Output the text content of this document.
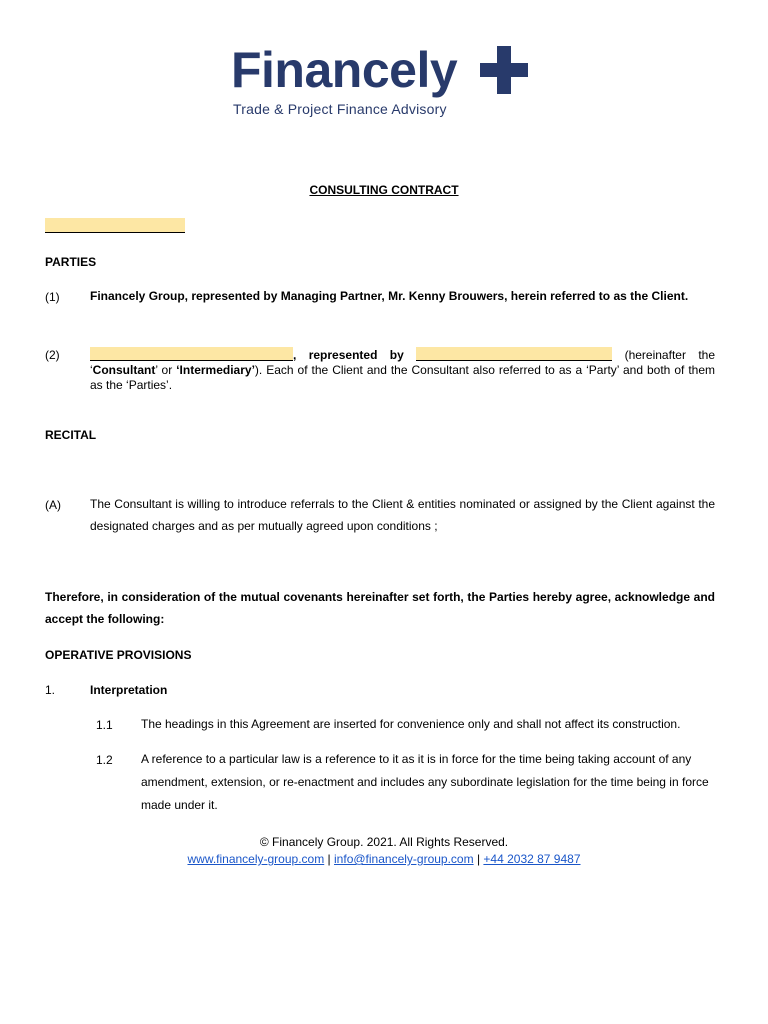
Financely
Trade & Project Finance Advisory
CONSULTING CONTRACT
PARTIES
(1)	Financely Group, represented by Managing Partner, Mr. Kenny Brouwers, herein referred to as the Client.
(2)	, represented by	(hereinafter the
‘Consultant’ or ‘Intermediary’). Each of the Client and the Consultant also referred to as a ‘Party’ and both of them as the ‘Parties’.
RECITAL
(A) The Consultant is willing to introduce referrals to the Client & entities nominated or assigned by the Client against the designated charges and as per mutually agreed upon conditions ;
Therefore, in consideration of the mutual covenants hereinafter set forth, the Parties hereby agree, acknowledge and accept the following:
OPERATIVE PROVISIONS
1.	Interpretation
1.1 The headings in this Agreement are inserted for convenience only and shall not affect its construction.
1.2 A reference to a particular law is a reference to it as it is in force for the time being taking account of any amendment, extension, or re-enactment and includes any subordinate legislation for the time being in force made under it.
© Financely Group. 2021. All Rights Reserved.
www.financely-group.com | info@financely-group.com | +44 2032 87 9487
